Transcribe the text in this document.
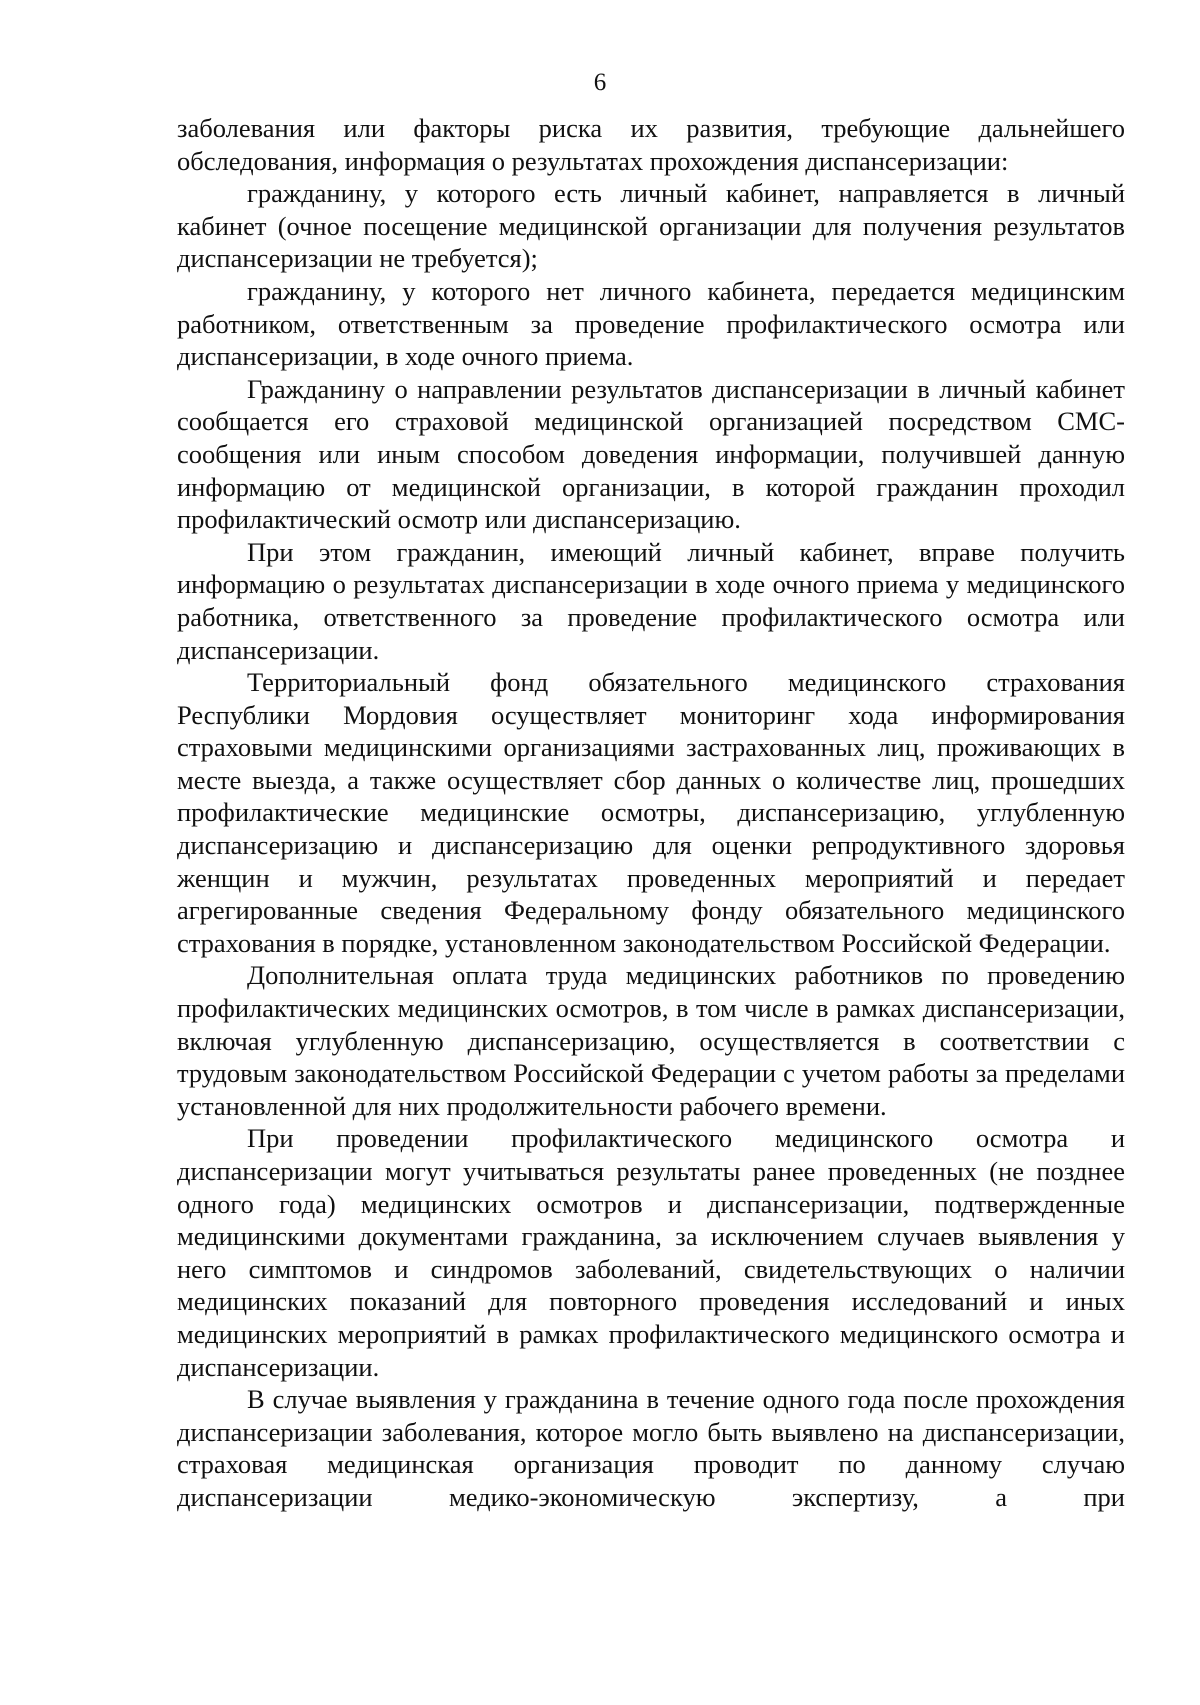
6

заболевания или факторы риска их развития, требующие дальнейшего обследования, информация о результатах прохождения диспансеризации:

гражданину, у которого есть личный кабинет, направляется в личный кабинет (очное посещение медицинской организации для получения результатов диспансеризации не требуется);

гражданину, у которого нет личного кабинета, передается медицинским работником, ответственным за проведение профилактического осмотра или диспансеризации, в ходе очного приема.

Гражданину о направлении результатов диспансеризации в личный кабинет сообщается его страховой медицинской организацией посредством СМС-сообщения или иным способом доведения информации, получившей данную информацию от медицинской организации, в которой гражданин проходил профилактический осмотр или диспансеризацию.

При этом гражданин, имеющий личный кабинет, вправе получить информацию о результатах диспансеризации в ходе очного приема у медицинского работника, ответственного за проведение профилактического осмотра или диспансеризации.

Территориальный фонд обязательного медицинского страхования Республики Мордовия осуществляет мониторинг хода информирования страховыми медицинскими организациями застрахованных лиц, проживающих в месте выезда, а также осуществляет сбор данных о количестве лиц, прошедших профилактические медицинские осмотры, диспансеризацию, углубленную диспансеризацию и диспансеризацию для оценки репродуктивного здоровья женщин и мужчин, результатах проведенных мероприятий и передает агрегированные сведения Федеральному фонду обязательного медицинского страхования в порядке, установленном законодательством Российской Федерации.

Дополнительная оплата труда медицинских работников по проведению профилактических медицинских осмотров, в том числе в рамках диспансеризации, включая углубленную диспансеризацию, осуществляется в соответствии с трудовым законодательством Российской Федерации с учетом работы за пределами установленной для них продолжительности рабочего времени.

При проведении профилактического медицинского осмотра и диспансеризации могут учитываться результаты ранее проведенных (не позднее одного года) медицинских осмотров и диспансеризации, подтвержденные медицинскими документами гражданина, за исключением случаев выявления у него симптомов и синдромов заболеваний, свидетельствующих о наличии медицинских показаний для повторного проведения исследований и иных медицинских мероприятий в рамках профилактического медицинского осмотра и диспансеризации.

В случае выявления у гражданина в течение одного года после прохождения диспансеризации заболевания, которое могло быть выявлено на диспансеризации, страховая медицинская организация проводит по данному случаю диспансеризации медико-экономическую экспертизу, а при
